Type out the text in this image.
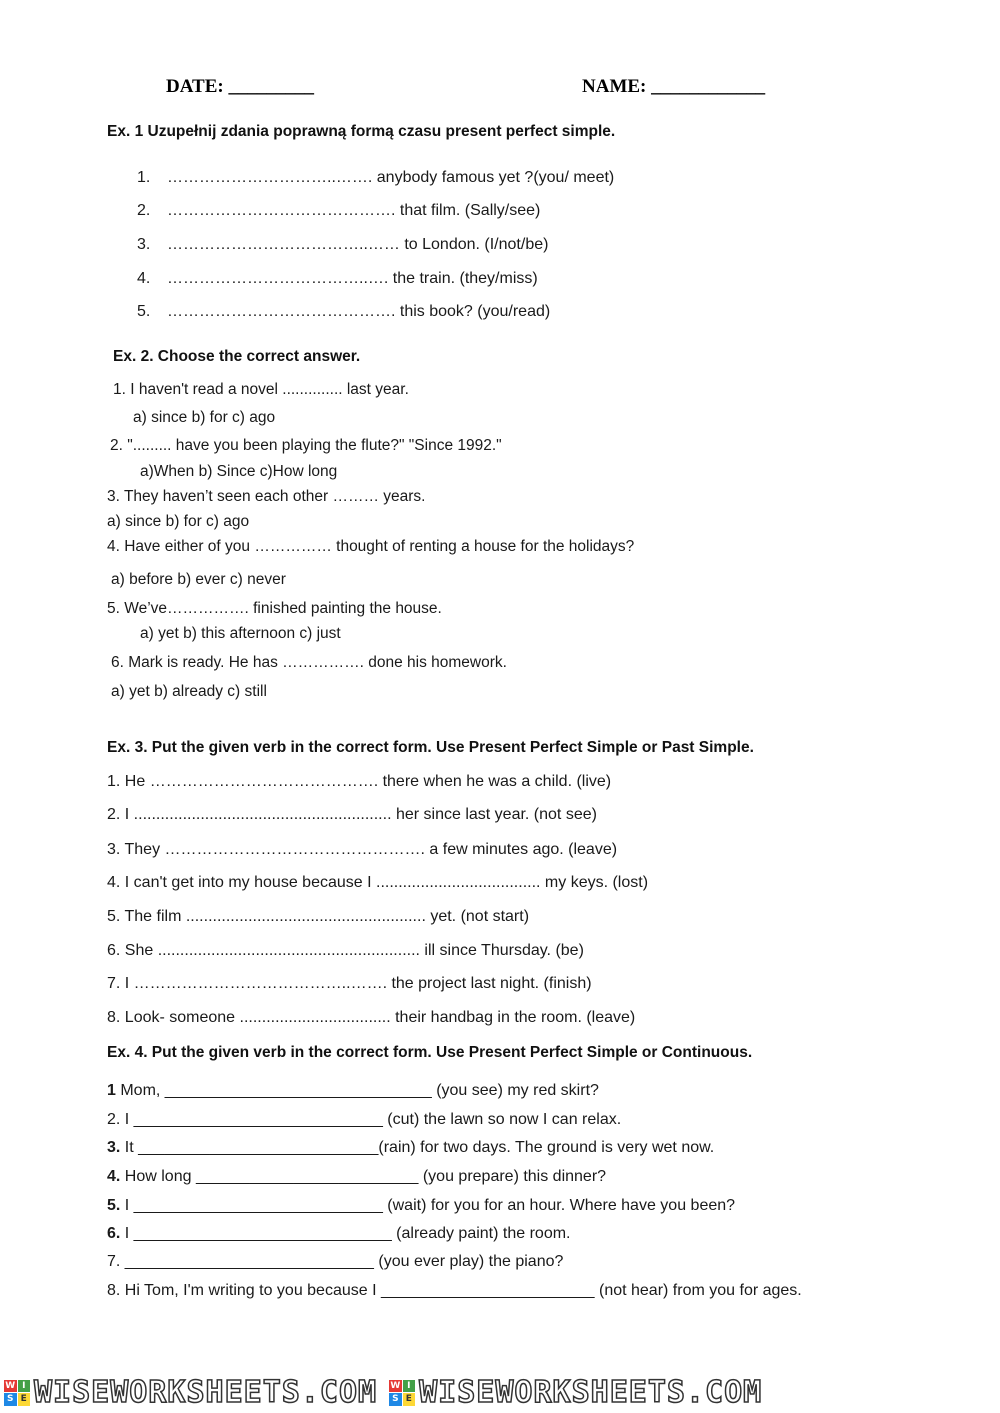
DATE: _________	NAME: ____________
Ex. 1 Uzupełnij zdania poprawną formą czasu present perfect simple.
1. …………………………..……. anybody famous yet ?(you/ meet)
2. ……………………………………. that film. (Sally/see)
3. ………………………………..…… to London. (I/not/be)
4. ………………………………..…. the train. (they/miss)
5. ……………………………………. this book? (you/read)
Ex. 2. Choose the correct answer.
1. I haven't read a novel .............. last year.
a) since b) for c) ago
2. "......... have you been playing the flute?" "Since 1992."
a)When b) Since c)How long
3. They haven’t seen each other ……… years.
a) since b) for c) ago
4. Have either of you …………… thought of renting a house for the holidays?
a) before b) ever c) never
5. We’ve……………. finished painting the house.
a) yet b) this afternoon c) just
6. Mark is ready. He has ……………. done his homework.
a) yet b) already c) still
Ex. 3. Put the given verb in the correct form. Use Present Perfect Simple or Past Simple.
1. He ……………………………………. there when he was a child. (live)
2. I .......................................................... her since last year. (not see)
3. They …………………………………………. a few minutes ago. (leave)
4. I can't get into my house because I ..................................... my keys. (lost)
5. The film ...................................................... yet. (not start)
6. She ........................................................... ill since Thursday. (be)
7. I …………………………………..……. the project last night. (finish)
8. Look- someone .................................. their handbag in the room. (leave)
Ex. 4. Put the given verb in the correct form. Use Present Perfect Simple or Continuous.
1 Mom, ______________________________ (you see) my red skirt?
2. I ____________________________ (cut) the lawn so now I can relax.
3. It ___________________________(rain) for two days. The ground is very wet now.
4. How long _________________________ (you prepare) this dinner?
5. I ____________________________ (wait) for you for an hour. Where have you been?
6. I _____________________________ (already paint) the room.
7. ____________________________ (you ever play) the piano?
8. Hi Tom, I'm writing to you because I ________________________ (not hear) from you for ages.
W I
S E WISEWORKSHEETS.COM W I
S E WISEWORKSHEETS.COM
